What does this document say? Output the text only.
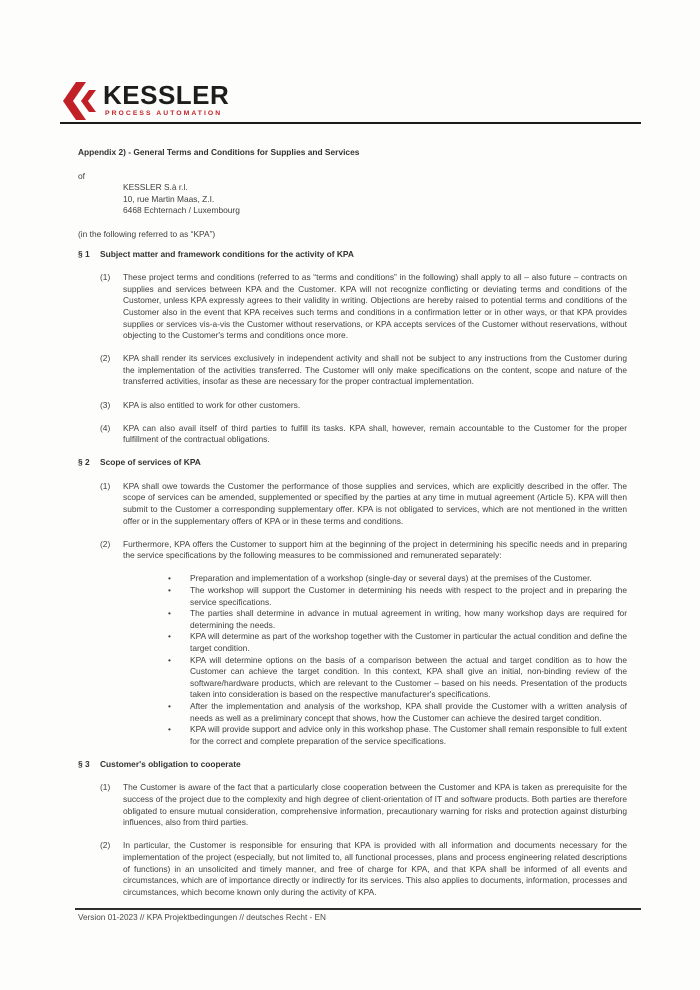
KESSLER
PROCESS AUTOMATION
Appendix 2) - General Terms and Conditions for Supplies and Services
of
KESSLER S.à r.l.
10, rue Martin Maas, Z.I.
6468 Echternach / Luxembourg
(in the following referred to as “KPA”)
§ 1	Subject matter and framework conditions for the activity of KPA
(1)	These project terms and conditions (referred to as “terms and conditions” in the following) shall apply to all – also future – contracts on supplies and services between KPA and the Customer. KPA will not recognize conflicting or deviating terms and conditions of the Customer, unless KPA expressly agrees to their validity in writing. Objections are hereby raised to potential terms and conditions of the Customer also in the event that KPA receives such terms and conditions in a confirmation letter or in other ways, or that KPA provides supplies or services vis-a-vis the Customer without reservations, or KPA accepts services of the Customer without reservations, without objecting to the Customer's terms and conditions once more.
(2)	KPA shall render its services exclusively in independent activity and shall not be subject to any instructions from the Customer during the implementation of the activities transferred. The Customer will only make specifications on the content, scope and nature of the transferred activities, insofar as these are necessary for the proper contractual implementation.
(3)	KPA is also entitled to work for other customers.
(4)	KPA can also avail itself of third parties to fulfill its tasks. KPA shall, however, remain accountable to the Customer for the proper fulfillment of the contractual obligations.
§ 2	Scope of services of KPA
(1)	KPA shall owe towards the Customer the performance of those supplies and services, which are explicitly described in the offer. The scope of services can be amended, supplemented or specified by the parties at any time in mutual agreement (Article 5). KPA will then submit to the Customer a corresponding supplementary offer. KPA is not obligated to services, which are not mentioned in the written offer or in the supplementary offers of KPA or in these terms and conditions.
(2)	Furthermore, KPA offers the Customer to support him at the beginning of the project in determining his specific needs and in preparing the service specifications by the following measures to be commissioned and remunerated separately:
•	Preparation and implementation of a workshop (single-day or several days) at the premises of the Customer.
•	The workshop will support the Customer in determining his needs with respect to the project and in preparing the service specifications.
•	The parties shall determine in advance in mutual agreement in writing, how many workshop days are required for determining the needs.
•	KPA will determine as part of the workshop together with the Customer in particular the actual condition and define the target condition.
•	KPA will determine options on the basis of a comparison between the actual and target condition as to how the Customer can achieve the target condition. In this context, KPA shall give an initial, non-binding review of the software/hardware products, which are relevant to the Customer – based on his needs. Presentation of the products taken into consideration is based on the respective manufacturer's specifications.
•	After the implementation and analysis of the workshop, KPA shall provide the Customer with a written analysis of needs as well as a preliminary concept that shows, how the Customer can achieve the desired target condition.
•	KPA will provide support and advice only in this workshop phase. The Customer shall remain responsible to full extent for the correct and complete preparation of the service specifications.
§ 3	Customer's obligation to cooperate
(1)	The Customer is aware of the fact that a particularly close cooperation between the Customer and KPA is taken as prerequisite for the success of the project due to the complexity and high degree of client-orientation of IT and software products. Both parties are therefore obligated to ensure mutual consideration, comprehensive information, precautionary warning for risks and protection against disturbing influences, also from third parties.
(2)	In particular, the Customer is responsible for ensuring that KPA is provided with all information and documents necessary for the implementation of the project (especially, but not limited to, all functional processes, plans and process engineering related descriptions of functions) in an unsolicited and timely manner, and free of charge for KPA, and that KPA shall be informed of all events and circumstances, which are of importance directly or indirectly for its services. This also applies to documents, information, processes and circumstances, which become known only during the activity of KPA.
Version 01-2023 // KPA Projektbedingungen // deutsches Recht - EN
